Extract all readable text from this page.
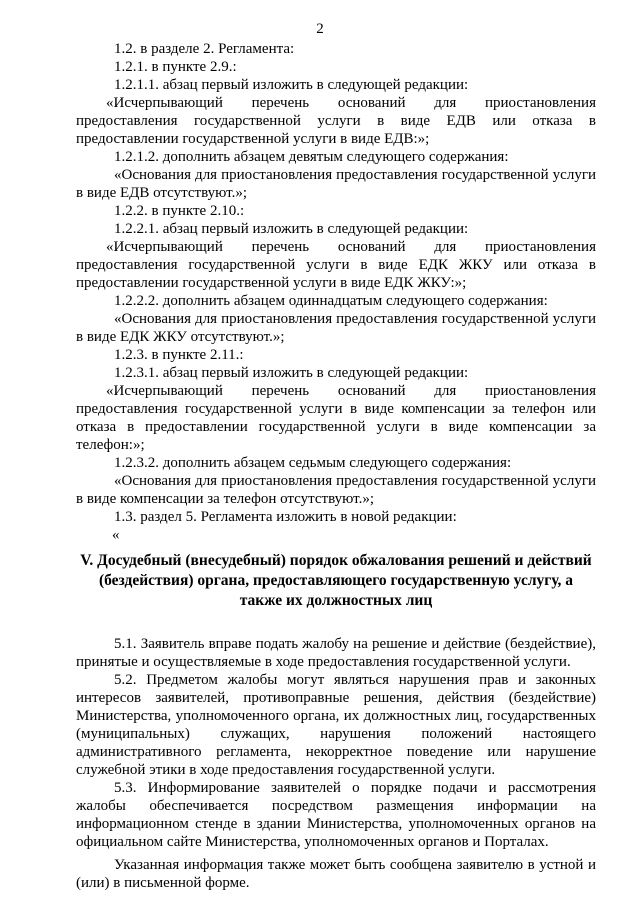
2

1.2. в разделе 2. Регламента:

1.2.1. в пункте 2.9.:

1.2.1.1. абзац первый изложить в следующей редакции:

«Исчерпывающий перечень оснований для приостановления предоставления государственной услуги в виде ЕДВ или отказа в предоставлении государственной услуги в виде ЕДВ:»;

1.2.1.2. дополнить абзацем девятым следующего содержания:

«Основания для приостановления предоставления государственной услуги в виде ЕДВ отсутствуют.»;

1.2.2. в пункте 2.10.:

1.2.2.1. абзац первый изложить в следующей редакции:

«Исчерпывающий перечень оснований для приостановления предоставления государственной услуги в виде ЕДК ЖКУ или отказа в предоставлении государственной услуги в виде ЕДК ЖКУ:»;

1.2.2.2. дополнить абзацем одиннадцатым следующего содержания:

«Основания для приостановления предоставления государственной услуги в виде ЕДК ЖКУ отсутствуют.»;

1.2.3. в пункте 2.11.:

1.2.3.1. абзац первый изложить в следующей редакции:

«Исчерпывающий перечень оснований для приостановления предоставления государственной услуги в виде компенсации за телефон или отказа в предоставлении государственной услуги в виде компенсации за телефон:»;

1.2.3.2. дополнить абзацем седьмым следующего содержания:

«Основания для приостановления предоставления государственной услуги в виде компенсации за телефон отсутствуют.»;

1.3. раздел 5. Регламента изложить в новой редакции:

«

V. Досудебный (внесудебный) порядок обжалования решений и действий (бездействия) органа, предоставляющего государственную услугу, а также их должностных лиц

5.1. Заявитель вправе подать жалобу на решение и действие (бездействие), принятые и осуществляемые в ходе предоставления государственной услуги.

5.2. Предметом жалобы могут являться нарушения прав и законных интересов заявителей, противоправные решения, действия (бездействие) Министерства, уполномоченного органа, их должностных лиц, государственных (муниципальных) служащих, нарушения положений настоящего административного регламента, некорректное поведение или нарушение служебной этики в ходе предоставления государственной услуги.

5.3. Информирование заявителей о порядке подачи и рассмотрения жалобы обеспечивается посредством размещения информации на информационном стенде в здании Министерства, уполномоченных органов на официальном сайте Министерства, уполномоченных органов и Порталах.

Указанная информация также может быть сообщена заявителю в устной и (или) в письменной форме.
